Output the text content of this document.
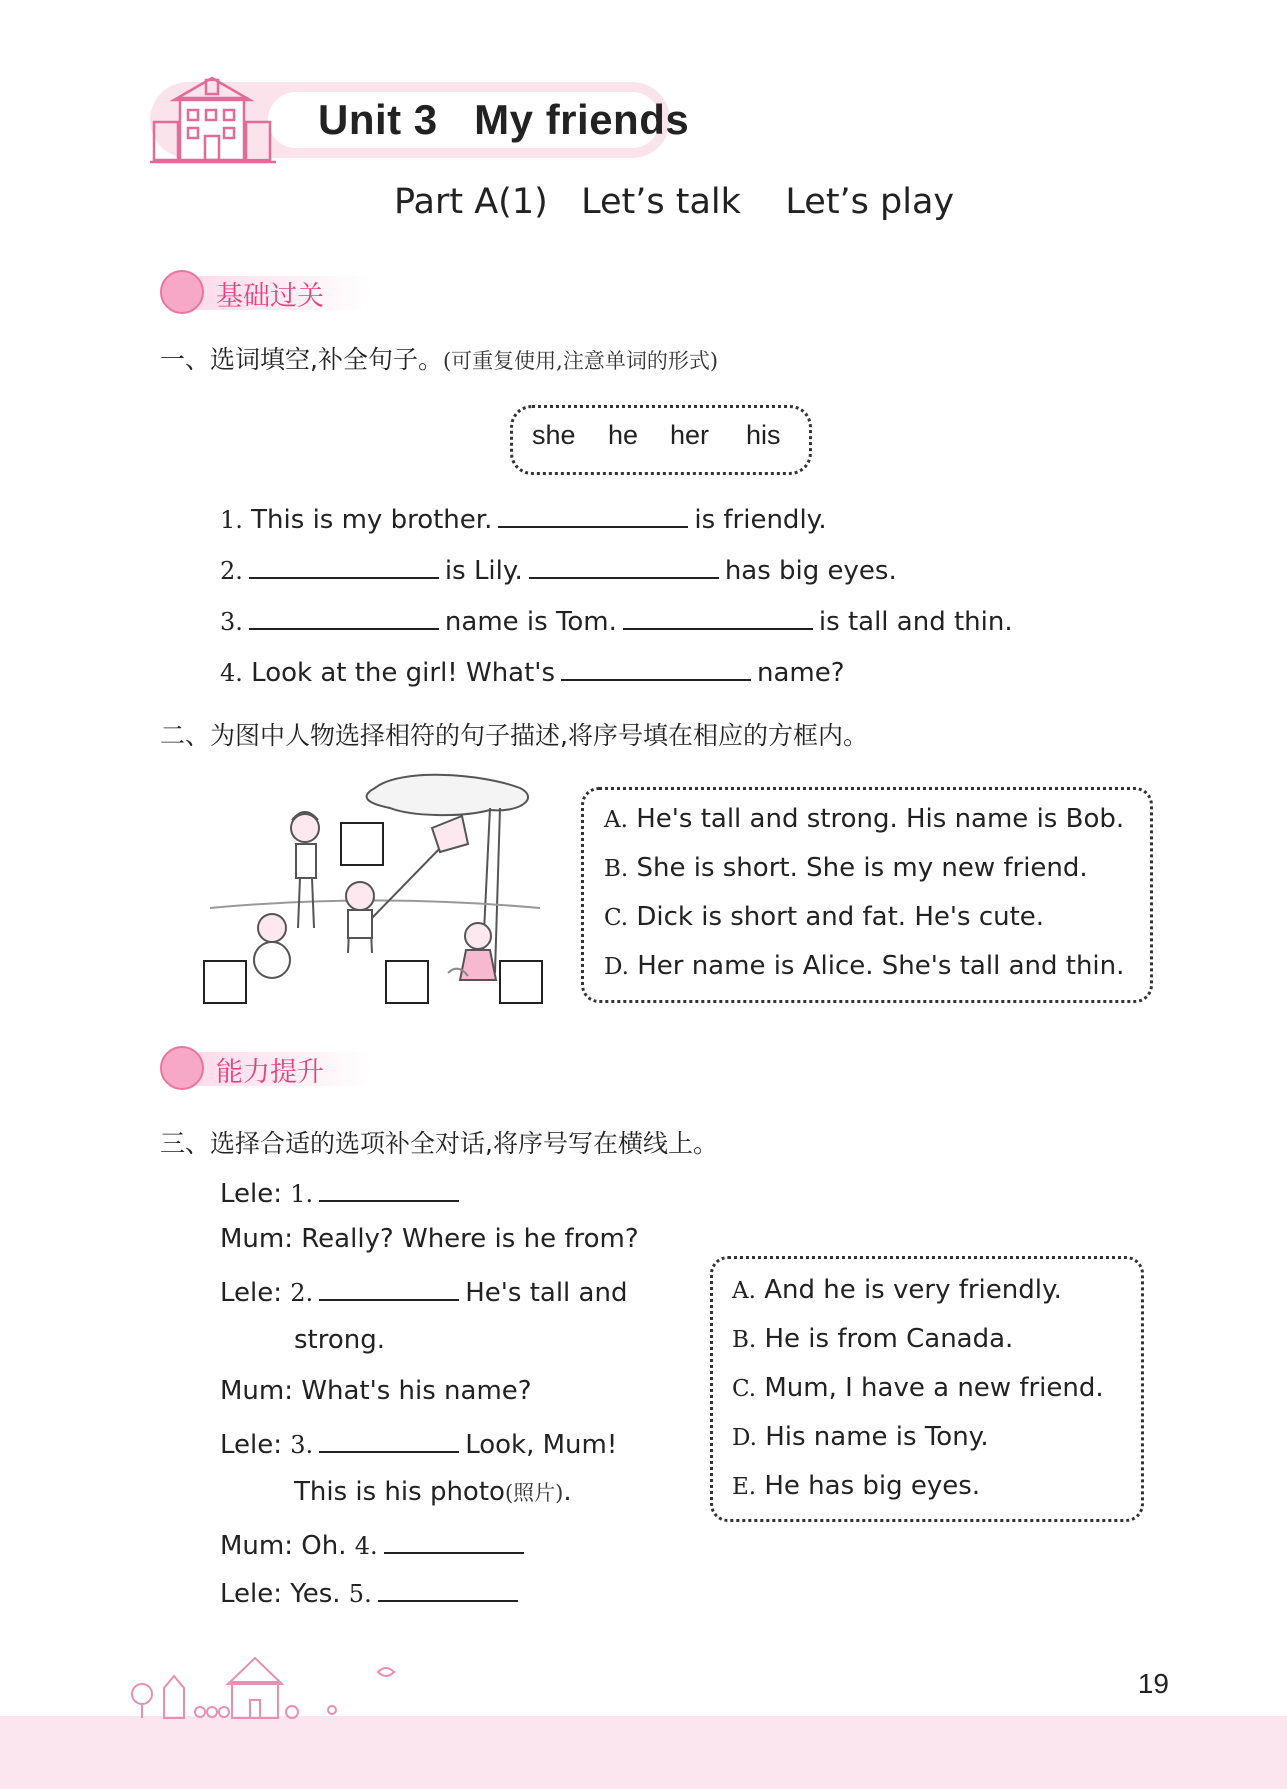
Unit 3   My friends
Part A(1)   Let’s talk    Let’s play
基础过关
一、选词填空,补全句子。(可重复使用,注意单词的形式)
she he her his
1. This is my brother.	is friendly.
2.	is Lily.	has big eyes.
3.	name is Tom.	is tall and thin.
4. Look at the girl! What's	name?
二、为图中人物选择相符的句子描述,将序号填在相应的方框内。
A. He's tall and strong. His name is Bob.
B. She is short. She is my new friend.
C. Dick is short and fat. He's cute.
D. Her name is Alice. She's tall and thin.
能力提升
三、选择合适的选项补全对话,将序号写在横线上。
Lele: 1.
Mum: Really? Where is he from?
Lele: 2.	He's tall and
strong.
Mum: What's his name?
Lele: 3.	Look, Mum!
This is his photo(照片).
Mum: Oh. 4.
Lele: Yes. 5.
A. And he is very friendly.
B. He is from Canada.
C. Mum, I have a new friend.
D. His name is Tony.
E. He has big eyes.
19
